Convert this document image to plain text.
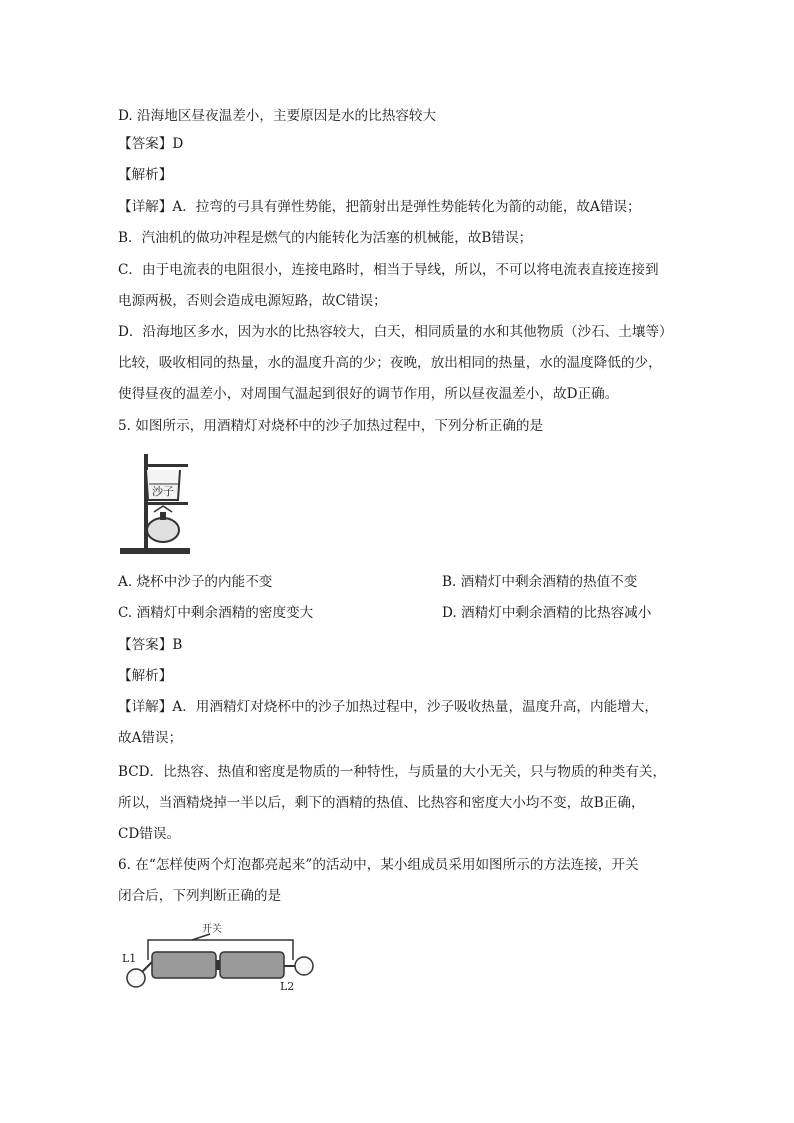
D. 沿海地区昼夜温差小，主要原因是水的比热容较大
【答案】D
【解析】
【详解】A．拉弯的弓具有弹性势能，把箭射出是弹性势能转化为箭的动能，故A错误；
B．汽油机的做功冲程是燃气的内能转化为活塞的机械能，故B错误；
C．由于电流表的电阻很小，连接电路时，相当于导线，所以，不可以将电流表直接连接到
电源两极，否则会造成电源短路，故C错误；
D．沿海地区多水，因为水的比热容较大，白天，相同质量的水和其他物质（沙石、土壤等）
比较，吸收相同的热量，水的温度升高的少；夜晚，放出相同的热量，水的温度降低的少，
使得昼夜的温差小，对周围气温起到很好的调节作用，所以昼夜温差小，故D正确。
5. 如图所示，用酒精灯对烧杯中的沙子加热过程中，下列分析正确的是
沙子
A. 烧杯中沙子的内能不变	B. 酒精灯中剩余酒精的热值不变
C. 酒精灯中剩余酒精的密度变大	D. 酒精灯中剩余酒精的比热容减小
【答案】B
【解析】
【详解】A．用酒精灯对烧杯中的沙子加热过程中，沙子吸收热量，温度升高，内能增大，
故A错误；
BCD．比热容、热值和密度是物质的一种特性，与质量的大小无关，只与物质的种类有关，
所以，当酒精烧掉一半以后，剩下的酒精的热值、比热容和密度大小均不变，故B正确，
CD错误。
6. 在“怎样使两个灯泡都亮起来”的活动中，某小组成员采用如图所示的方法连接，开关
闭合后，下列判断正确的是
开关
L1
L2
